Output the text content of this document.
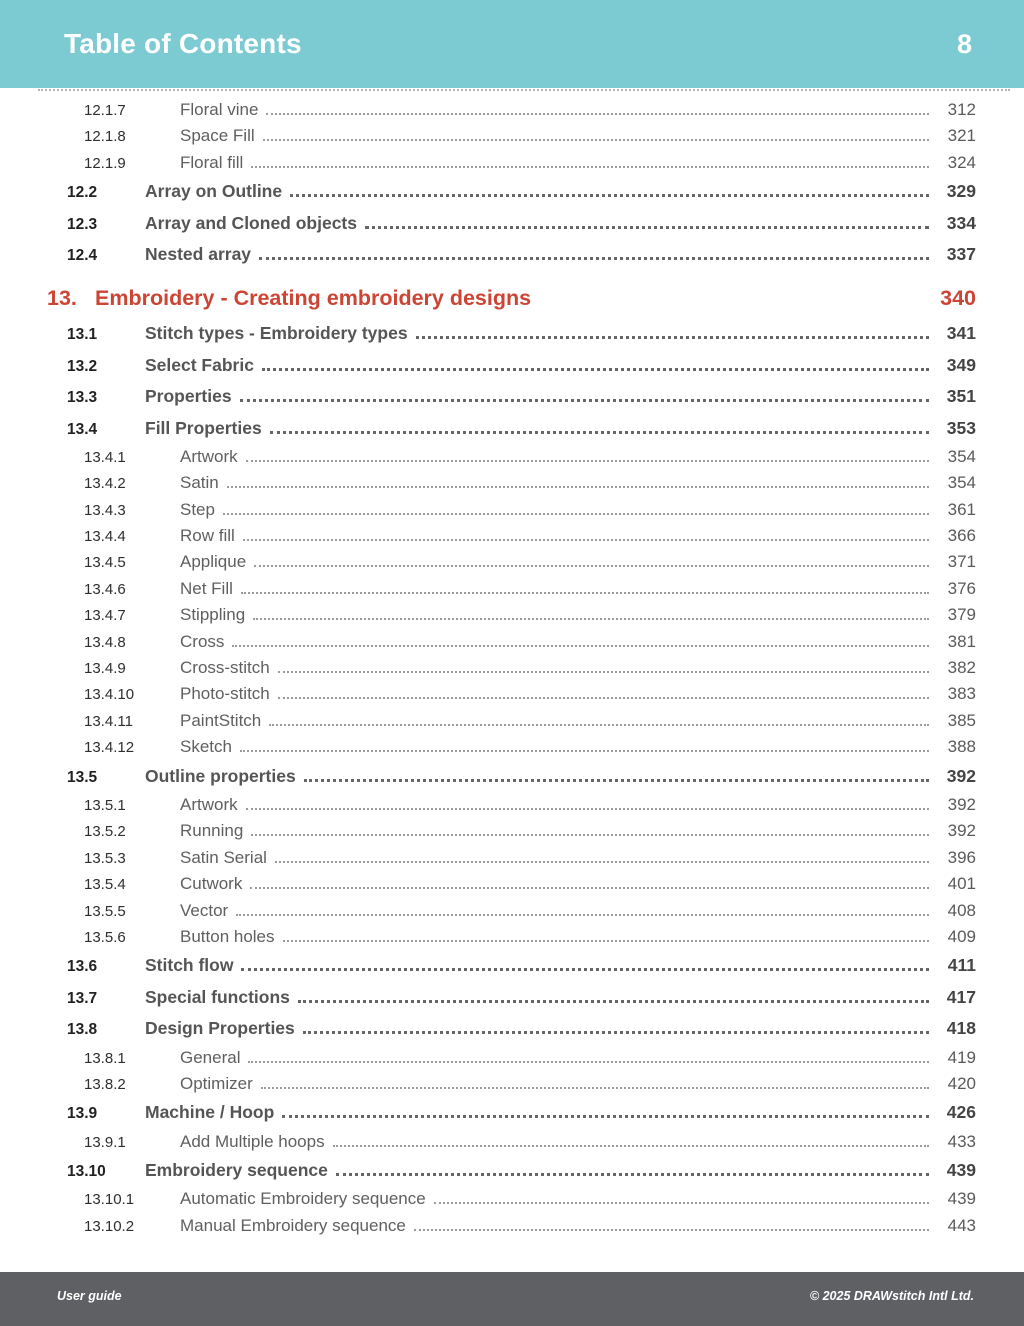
Table of Contents	8
12.1.7	Floral vine	312
12.1.8	Space Fill	321
12.1.9	Floral fill	324
12.2	Array on Outline	329
12.3	Array and Cloned objects	334
12.4	Nested array	337
13. Embroidery - Creating embroidery designs	340
13.1	Stitch types - Embroidery types	341
13.2	Select Fabric	349
13.3	Properties	351
13.4	Fill Properties	353
13.4.1	Artwork	354
13.4.2	Satin	354
13.4.3	Step	361
13.4.4	Row fill	366
13.4.5	Applique	371
13.4.6	Net Fill	376
13.4.7	Stippling	379
13.4.8	Cross	381
13.4.9	Cross-stitch	382
13.4.10	Photo-stitch	383
13.4.11	PaintStitch	385
13.4.12	Sketch	388
13.5	Outline properties	392
13.5.1	Artwork	392
13.5.2	Running	392
13.5.3	Satin Serial	396
13.5.4	Cutwork	401
13.5.5	Vector	408
13.5.6	Button holes	409
13.6	Stitch flow	411
13.7	Special functions	417
13.8	Design Properties	418
13.8.1	General	419
13.8.2	Optimizer	420
13.9	Machine / Hoop	426
13.9.1	Add Multiple hoops	433
13.10	Embroidery sequence	439
13.10.1	Automatic Embroidery sequence	439
13.10.2	Manual Embroidery sequence	443
User guide	© 2025 DRAWstitch Intl Ltd.
